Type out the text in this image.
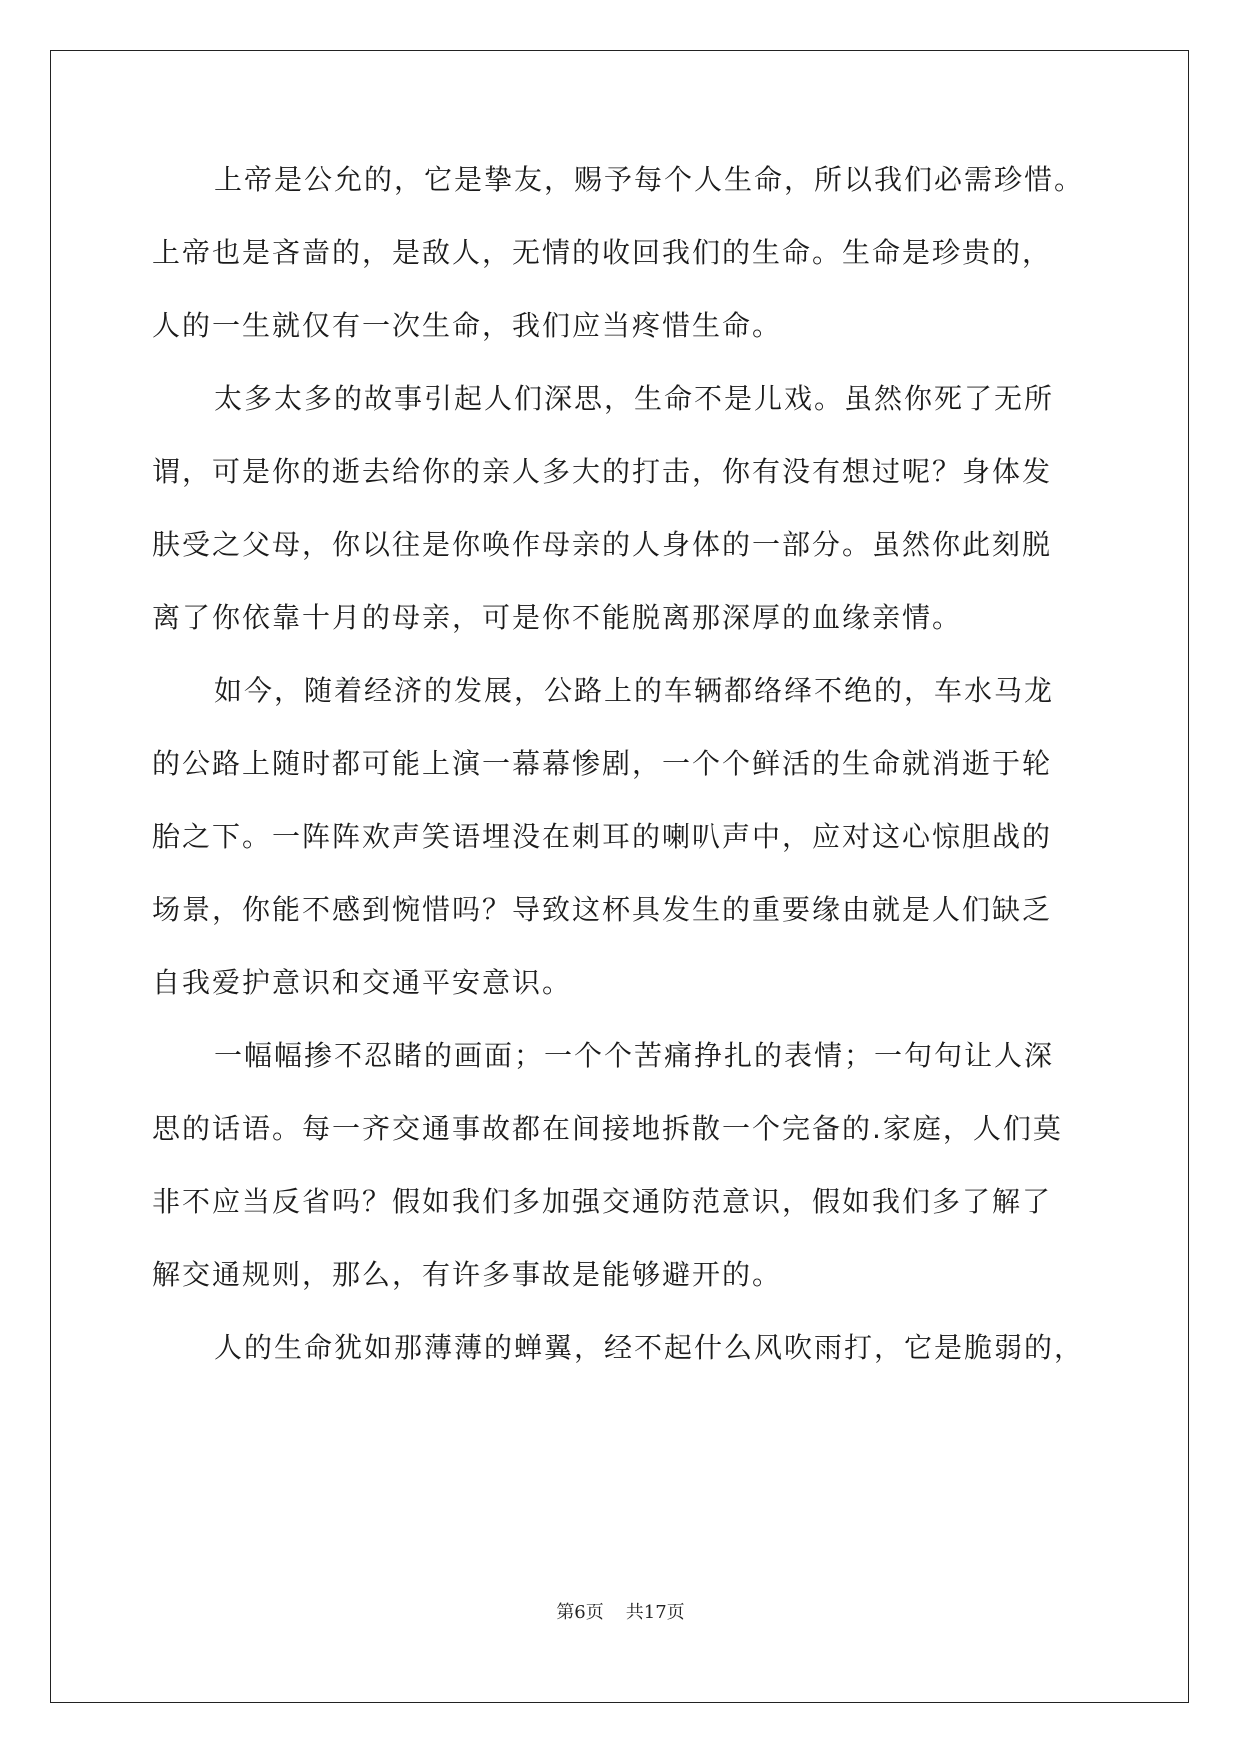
上帝是公允的，它是挚友，赐予每个人生命，所以我们必需珍惜。
上帝也是吝啬的，是敌人，无情的收回我们的生命。生命是珍贵的，
人的一生就仅有一次生命，我们应当疼惜生命。
太多太多的故事引起人们深思，生命不是儿戏。虽然你死了无所
谓，可是你的逝去给你的亲人多大的打击，你有没有想过呢？身体发
肤受之父母，你以往是你唤作母亲的人身体的一部分。虽然你此刻脱
离了你依靠十月的母亲，可是你不能脱离那深厚的血缘亲情。
如今，随着经济的发展，公路上的车辆都络绎不绝的，车水马龙
的公路上随时都可能上演一幕幕惨剧，一个个鲜活的生命就消逝于轮
胎之下。一阵阵欢声笑语埋没在刺耳的喇叭声中，应对这心惊胆战的
场景，你能不感到惋惜吗？导致这杯具发生的重要缘由就是人们缺乏
自我爱护意识和交通平安意识。
一幅幅掺不忍睹的画面；一个个苦痛挣扎的表情；一句句让人深
思的话语。每一齐交通事故都在间接地拆散一个完备的.家庭，人们莫
非不应当反省吗？假如我们多加强交通防范意识，假如我们多了解了
解交通规则，那么，有许多事故是能够避开的。
人的生命犹如那薄薄的蝉翼，经不起什么风吹雨打，它是脆弱的，
第6页 共17页
